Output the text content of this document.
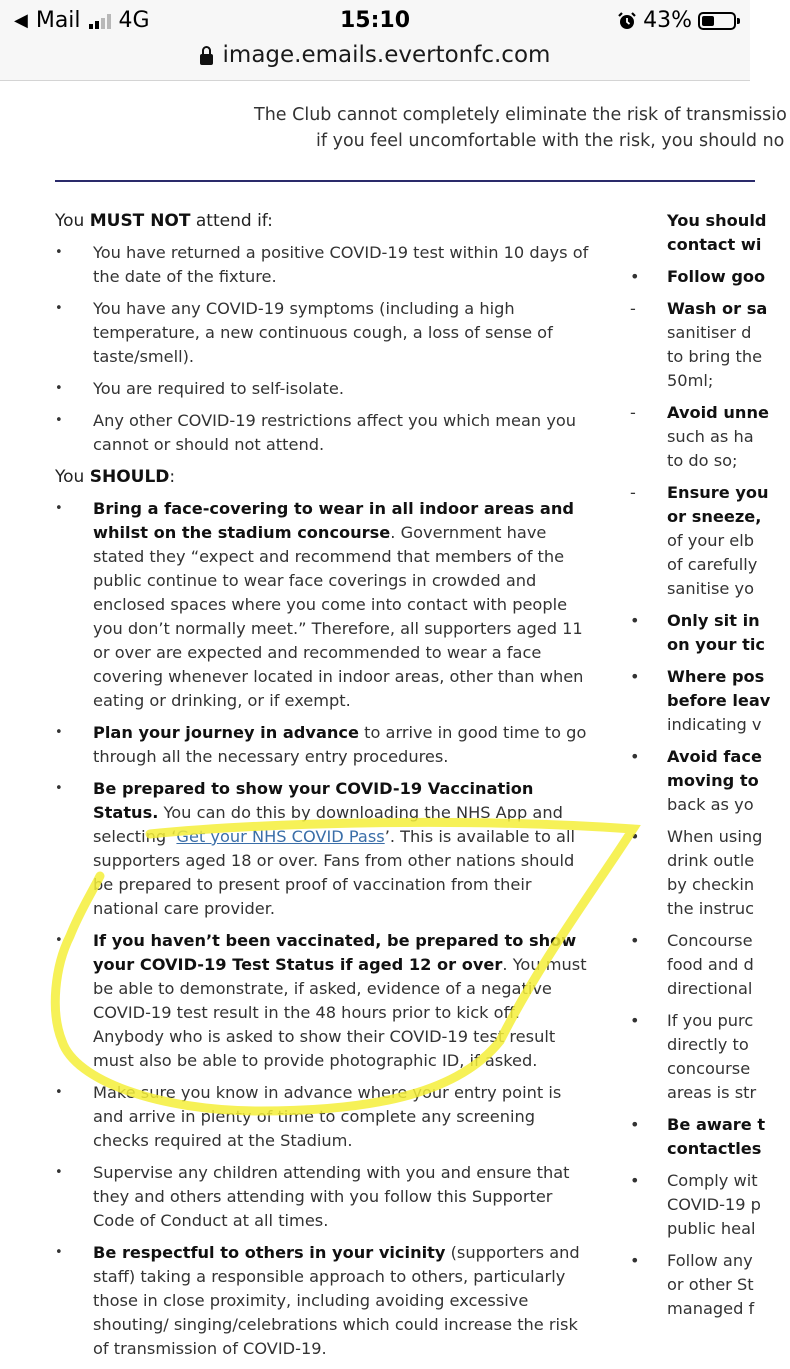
◀ Mail 4G	15:10	43%
image.emails.evertonfc.com
The Club cannot completely eliminate the risk of transmissio
if you feel uncomfortable with the risk, you should no
You MUST NOT attend if:
• You have returned a positive COVID-19 test within 10 days of the date of the fixture.
• You have any COVID-19 symptoms (including a high temperature, a new continuous cough, a loss of sense of taste/smell).
• You are required to self-isolate.
• Any other COVID-19 restrictions affect you which mean you cannot or should not attend.
You SHOULD:
• Bring a face-covering to wear in all indoor areas and whilst on the stadium concourse. Government have stated they “expect and recommend that members of the public continue to wear face coverings in crowded and enclosed spaces where you come into contact with people you don’t normally meet.” Therefore, all supporters aged 11 or over are expected and recommended to wear a face covering whenever located in indoor areas, other than when eating or drinking, or if exempt.
• Plan your journey in advance to arrive in good time to go through all the necessary entry procedures.
• Be prepared to show your COVID-19 Vaccination Status. You can do this by downloading the NHS App and selecting ‘Get your NHS COVID Pass’. This is available to all supporters aged 18 or over. Fans from other nations should be prepared to present proof of vaccination from their national care provider.
• If you haven’t been vaccinated, be prepared to show your COVID-19 Test Status if aged 12 or over. You must be able to demonstrate, if asked, evidence of a negative COVID-19 test result in the 48 hours prior to kick off. Anybody who is asked to show their COVID-19 test result must also be able to provide photographic ID, if asked.
• Make sure you know in advance where your entry point is and arrive in plenty of time to complete any screening checks required at the Stadium.
• Supervise any children attending with you and ensure that they and others attending with you follow this Supporter Code of Conduct at all times.
• Be respectful to others in your vicinity (supporters and staff) taking a responsible approach to others, particularly those in close proximity, including avoiding excessive shouting/ singing/celebrations which could increase the risk of transmission of COVID-19.
You should
contact wi
•	Follow goo
-	Wash or sa
sanitiser d
to bring the
50ml;
-	Avoid unne
such as ha
to do so;
-	Ensure you
or sneeze,
of your elb
of carefully
sanitise yo
•	Only sit in
on your tic
•	Where pos
before leav
indicating v
•	Avoid face
moving to
back as yo
•	When using
drink outle
by checkin
the instruc
•	Concourse
food and d
directional
•	If you purc
directly to
concourse
areas is str
•	Be aware t
contactles
•	Comply wit
COVID-19 p
public heal
•	Follow any
or other St
managed f
